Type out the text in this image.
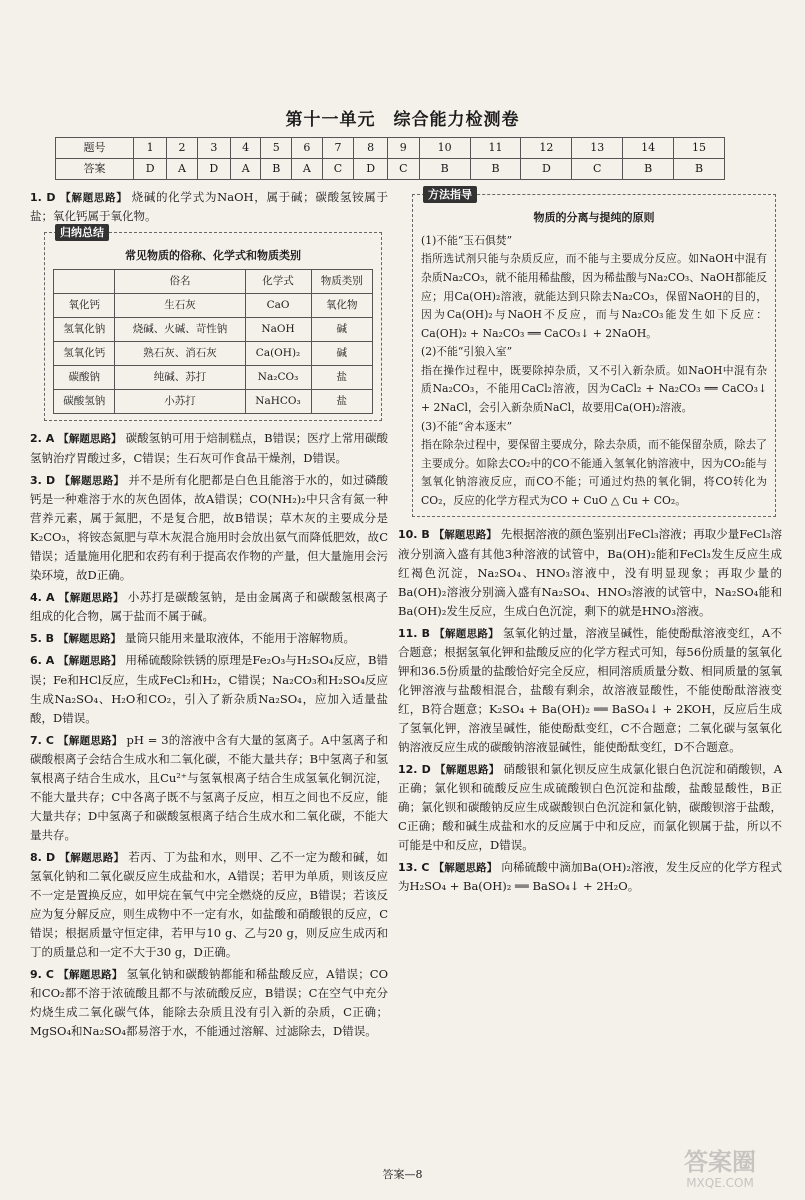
第十一单元　综合能力检测卷
题号	1	2	3	4	5	6	7	8	9	10	11	12	13	14	15
答案	D	A	D	A	B	A	C	D	C	B	B	D	C	B	B

1. D 【解题思路】 烧碱的化学式为NaOH，属于碱；碳酸氢铵属于盐；氧化钙属于氧化物。

归纳总结
常见物质的俗称、化学式和物质类别
	俗名	化学式	物质类别
氧化钙	生石灰	CaO	氧化物
氢氧化钠	烧碱、火碱、苛性钠	NaOH	碱
氢氧化钙	熟石灰、消石灰	Ca(OH)₂	碱
碳酸钠	纯碱、苏打	Na₂CO₃	盐
碳酸氢钠	小苏打	NaHCO₃	盐

2. A 【解题思路】 碳酸氢钠可用于焙制糕点，B错误；医疗上常用碳酸氢钠治疗胃酸过多，C错误；生石灰可作食品干燥剂，D错误。

3. D 【解题思路】 并不是所有化肥都是白色且能溶于水的，如过磷酸钙是一种难溶于水的灰色固体，故A错误；CO(NH₂)₂中只含有氮一种营养元素，属于氮肥，不是复合肥，故B错误；草木灰的主要成分是K₂CO₃，将铵态氮肥与草木灰混合施用时会放出氨气而降低肥效，故C错误；适量施用化肥和农药有利于提高农作物的产量，但大量施用会污染环境，故D正确。

4. A 【解题思路】 小苏打是碳酸氢钠，是由金属离子和碳酸氢根离子组成的化合物，属于盐而不属于碱。

5. B 【解题思路】 量筒只能用来量取液体，不能用于溶解物质。

6. A 【解题思路】 用稀硫酸除铁锈的原理是Fe₂O₃与H₂SO₄反应，B错误；Fe和HCl反应，生成FeCl₂和H₂，C错误；Na₂CO₃和H₂SO₄反应生成Na₂SO₄、H₂O和CO₂，引入了新杂质Na₂SO₄，应加入适量盐酸，D错误。

7. C 【解题思路】 pH = 3的溶液中含有大量的氢离子。A中氢离子和碳酸根离子会结合生成水和二氧化碳，不能大量共存；B中氢离子和氢氧根离子结合生成水，且Cu²⁺与氢氧根离子结合生成氢氧化铜沉淀，不能大量共存；C中各离子既不与氢离子反应，相互之间也不反应，能大量共存；D中氢离子和碳酸氢根离子结合生成水和二氧化碳，不能大量共存。

8. D 【解题思路】 若丙、丁为盐和水，则甲、乙不一定为酸和碱，如氢氧化钠和二氧化碳反应生成盐和水，A错误；若甲为单质，则该反应不一定是置换反应，如甲烷在氧气中完全燃烧的反应，B错误；若该反应为复分解反应，则生成物中不一定有水，如盐酸和硝酸银的反应，C错误；根据质量守恒定律，若甲与10 g、乙与20 g，则反应生成丙和丁的质量总和一定不大于30 g，D正确。

9. C 【解题思路】 氢氧化钠和碳酸钠都能和稀盐酸反应，A错误；CO和CO₂都不溶于浓硫酸且都不与浓硫酸反应，B错误；C在空气中充分灼烧生成二氧化碳气体，能除去杂质且没有引入新的杂质，C正确；MgSO₄和Na₂SO₄都易溶于水，不能通过溶解、过滤除去，D错误。

方法指导
物质的分离与提纯的原则

(1)不能“玉石俱焚”

指所选试剂只能与杂质反应，而不能与主要成分反应。如NaOH中混有杂质Na₂CO₃，就不能用稀盐酸，因为稀盐酸与Na₂CO₃、NaOH都能反应；用Ca(OH)₂溶液，就能达到只除去Na₂CO₃，保留NaOH的目的，因为Ca(OH)₂与NaOH不反应，而与Na₂CO₃能发生如下反应：Ca(OH)₂ + Na₂CO₃ ══ CaCO₃↓ + 2NaOH。

(2)不能“引狼入室”

指在操作过程中，既要除掉杂质，又不引入新杂质。如NaOH中混有杂质Na₂CO₃，不能用CaCl₂溶液，因为CaCl₂ + Na₂CO₃ ══ CaCO₃↓ + 2NaCl，会引入新杂质NaCl，故要用Ca(OH)₂溶液。

(3)不能“舍本逐末”

指在除杂过程中，要保留主要成分，除去杂质，而不能保留杂质，除去了主要成分。如除去CO₂中的CO不能通入氢氧化钠溶液中，因为CO₂能与氢氧化钠溶液反应，而CO不能；可通过灼热的氧化铜，将CO转化为CO₂，反应的化学方程式为CO + CuO △ Cu + CO₂。

10. B 【解题思路】 先根据溶液的颜色鉴别出FeCl₃溶液；再取少量FeCl₃溶液分别滴入盛有其他3种溶液的试管中，Ba(OH)₂能和FeCl₃发生反应生成红褐色沉淀，Na₂SO₄、HNO₃溶液中，没有明显现象；再取少量的Ba(OH)₂溶液分别滴入盛有Na₂SO₄、HNO₃溶液的试管中，Na₂SO₄能和Ba(OH)₂发生反应，生成白色沉淀，剩下的就是HNO₃溶液。

11. B 【解题思路】 氢氧化钠过量，溶液呈碱性，能使酚酞溶液变红，A不合题意；根据氢氧化钾和盐酸反应的化学方程式可知，每56份质量的氢氧化钾和36.5份质量的盐酸恰好完全反应，相同溶质质量分数、相同质量的氢氧化钾溶液与盐酸相混合，盐酸有剩余，故溶液显酸性，不能使酚酞溶液变红，B符合题意；K₂SO₄ + Ba(OH)₂ ══ BaSO₄↓ + 2KOH，反应后生成了氢氧化钾，溶液呈碱性，能使酚酞变红，C不合题意；二氧化碳与氢氧化钠溶液反应生成的碳酸钠溶液显碱性，能使酚酞变红，D不合题意。

12. D 【解题思路】 硝酸银和氯化钡反应生成氯化银白色沉淀和硝酸钡，A正确；氯化钡和硫酸反应生成硫酸钡白色沉淀和盐酸，盐酸显酸性，B正确；氯化钡和碳酸钠反应生成碳酸钡白色沉淀和氯化钠，碳酸钡溶于盐酸，C正确；酸和碱生成盐和水的反应属于中和反应，而氯化钡属于盐，所以不可能是中和反应，D错误。

13. C 【解题思路】 向稀硫酸中滴加Ba(OH)₂溶液，发生反应的化学方程式为H₂SO₄ + Ba(OH)₂ ══ BaSO₄↓ + 2H₂O。

答案—8	答案圈
MXQE.COM
